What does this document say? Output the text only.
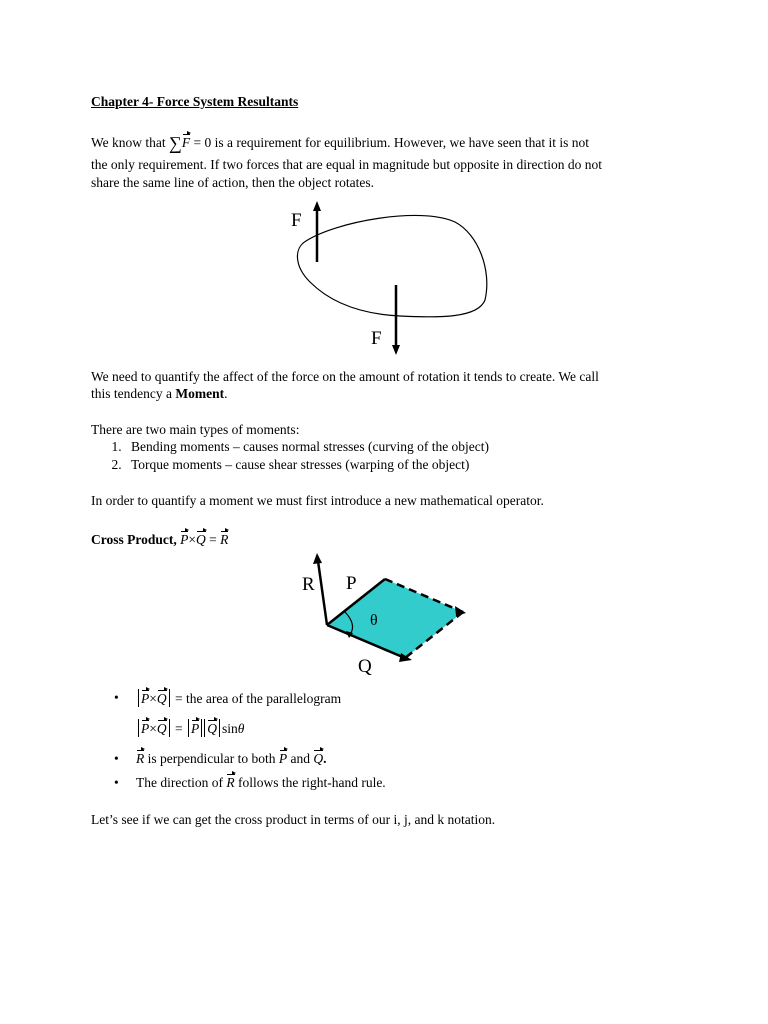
Chapter 4- Force System Resultants
We know that ∑F = 0 is a requirement for equilibrium. However, we have seen that it is not
the only requirement. If two forces that are equal in magnitude but opposite in direction do not
share the same line of action, then the object rotates.
F
F
We need to quantify the affect of the force on the amount of rotation it tends to create. We call
this tendency a Moment.
There are two main types of moments:
1. Bending moments – causes normal stresses (curving of the object)
2. Torque moments – cause shear stresses (warping of the object)
In order to quantify a moment we must first introduce a new mathematical operator.
Cross Product, P×Q = R
R P
θ
Q
•	P×Q = the area of the parallelogram
P×Q = P Q sinθ
• R is perpendicular to both P and Q.
• The direction of R follows the right-hand rule.
Let’s see if we can get the cross product in terms of our i, j, and k notation.
